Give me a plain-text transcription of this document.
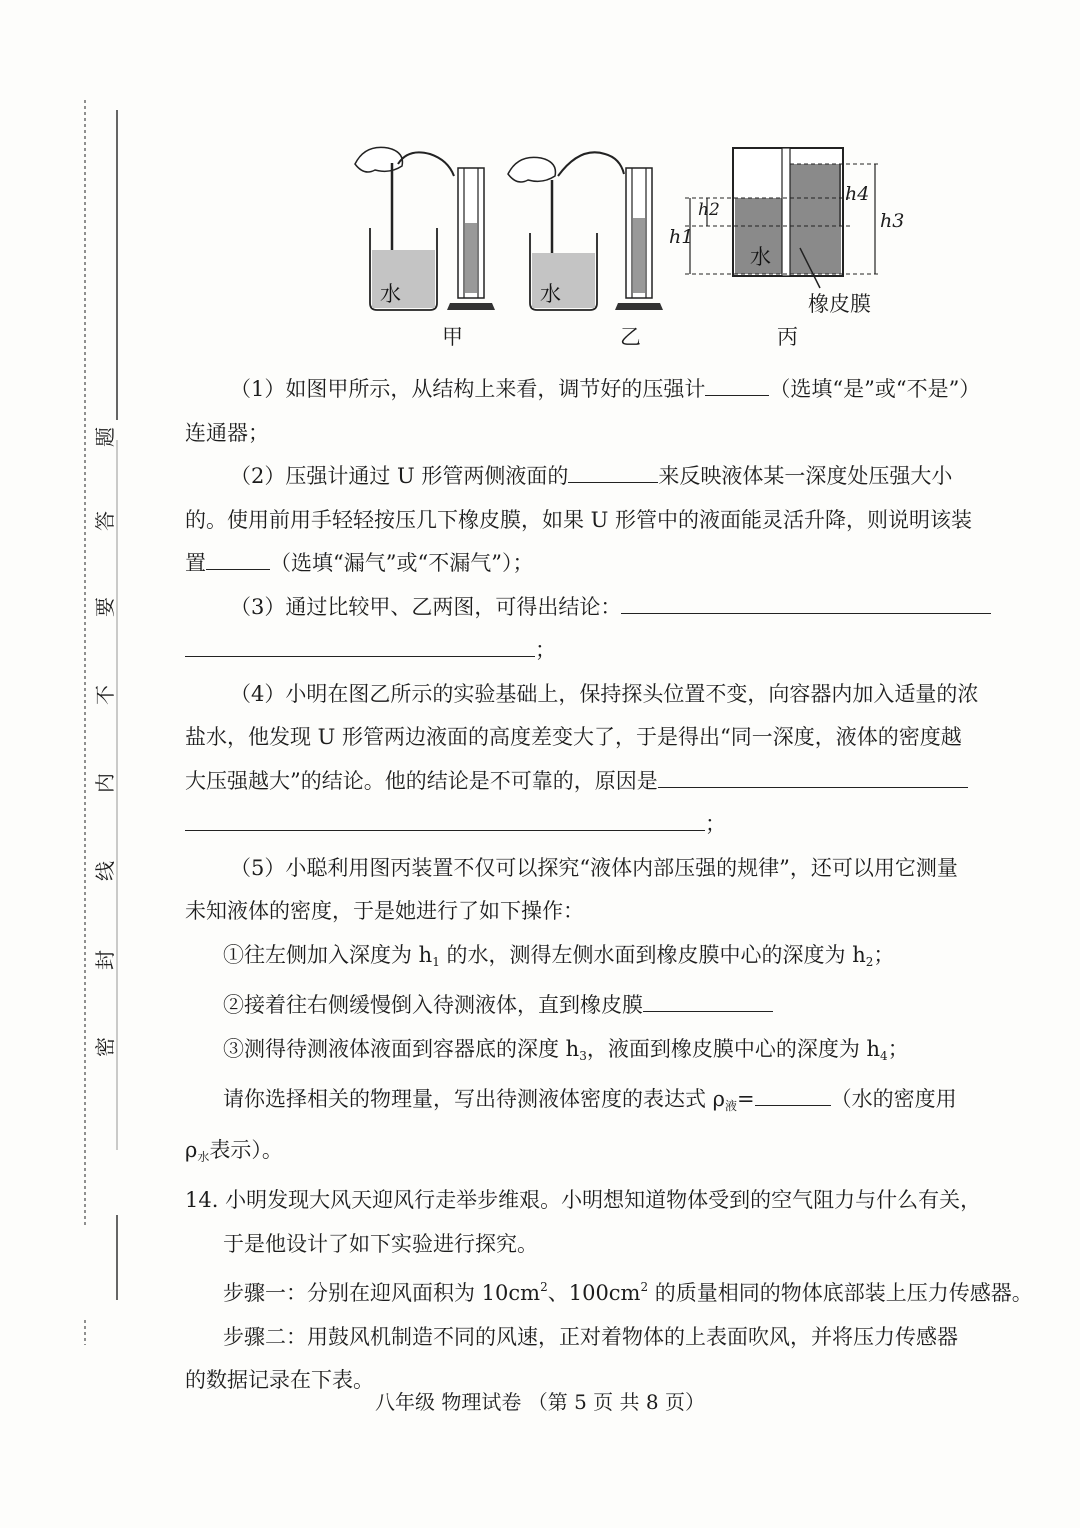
题
答
要
不
内
线
封
密
水	水
水
橡皮膜
h1
h2	h3
h4
甲	乙	丙

（1）如图甲所示，从结构上来看，调节好的压强计	（选填“是”或“不是”）

连通器；

（2）压强计通过 U 形管两侧液面的	来反映液体某一深度处压强大小

的。使用前用手轻轻按压几下橡皮膜，如果 U 形管中的液面能灵活升降，则说明该装

置	（选填“漏气”或“不漏气”）；

（3）通过比较甲、乙两图，可得出结论：

；

（4）小明在图乙所示的实验基础上，保持探头位置不变，向容器内加入适量的浓

盐水，他发现 U 形管两边液面的高度差变大了，于是得出“同一深度，液体的密度越

大压强越大”的结论。他的结论是不可靠的，原因是

；

（5）小聪利用图丙装置不仅可以探究“液体内部压强的规律”，还可以用它测量

未知液体的密度，于是她进行了如下操作：

①往左侧加入深度为 $h_1$ 的水，测得左侧水面到橡皮膜中心的深度为 $h_2$；

②接着往右侧缓慢倒入待测液体，直到橡皮膜

③测得待测液体液面到容器底的深度 $h_3$，液面到橡皮膜中心的深度为 $h_4$；

请你选择相关的物理量，写出待测液体密度的表达式 $\rho_液=$	（水的密度用

$\rho_水$表示）。

14. 小明发现大风天迎风行走举步维艰。小明想知道物体受到的空气阻力与什么有关，

于是他设计了如下实验进行探究。

步骤一：分别在迎风面积为 $10cm^2$、$100cm^2$ 的质量相同的物体底部装上压力传感器。

步骤二：用鼓风机制造不同的风速，正对着物体的上表面吹风，并将压力传感器

的数据记录在下表。

八年级 物理试卷 （第 5 页 共 8 页）
